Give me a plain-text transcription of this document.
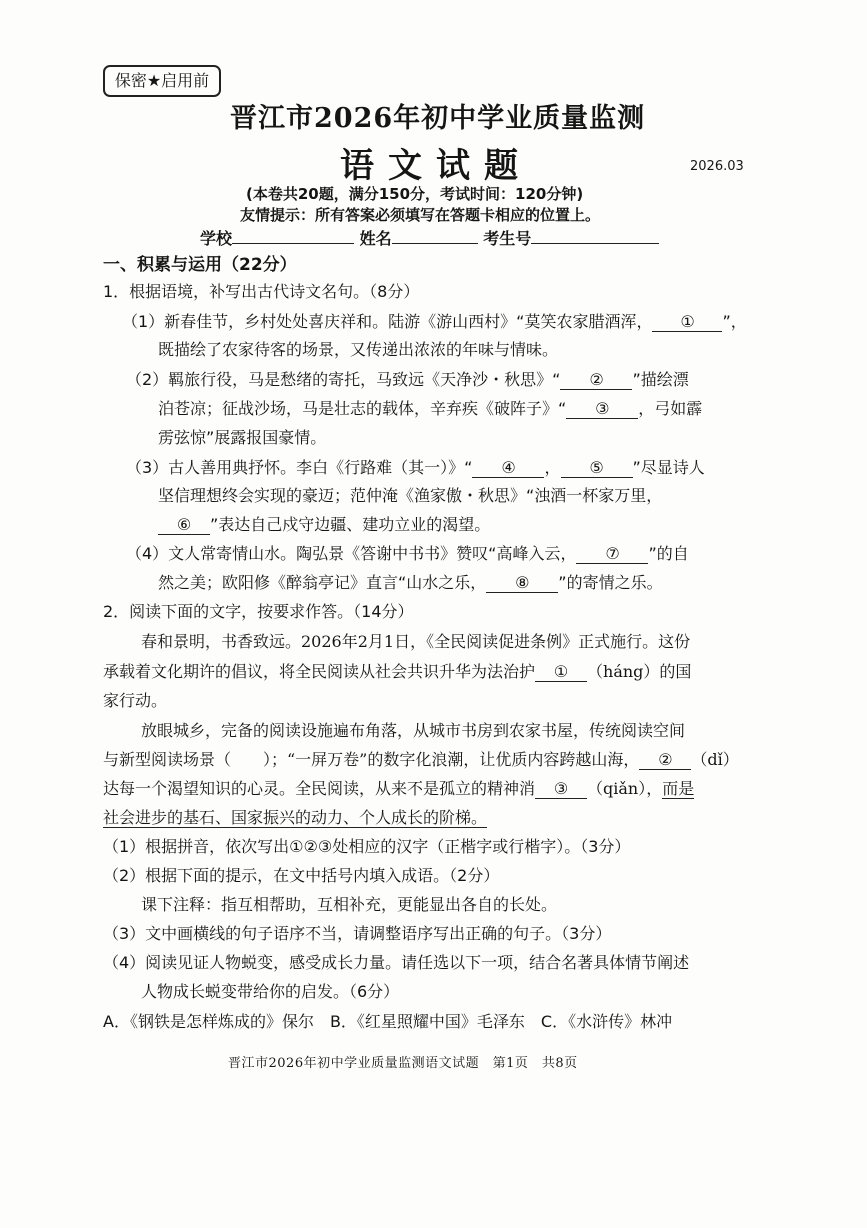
保密★启用前
晋江市2026年初中学业质量监测
语文试题	2026.03
(本卷共20题，满分150分，考试时间：120分钟)
友情提示：所有答案必须填写在答题卡相应的位置上。
学校	姓名	考生号
一、积累与运用（22分）
1．根据语境，补写出古代诗文名句。（8分）
（1）新春佳节，乡村处处喜庆祥和。陆游《游山西村》“莫笑农家腊酒浑， ① ”，
既描绘了农家待客的场景，又传递出浓浓的年味与情味。
（2）羁旅行役，马是愁绪的寄托，马致远《天净沙・秋思》“ ② ”描绘漂
泊苍凉；征战沙场，马是壮志的载体，辛弃疾《破阵子》“ ③ ，弓如霹
雳弦惊”展露报国豪情。
（3）古人善用典抒怀。李白《行路难（其一）》“ ④ ， ⑤ ”尽显诗人
坚信理想终会实现的豪迈；范仲淹《渔家傲・秋思》“浊酒一杯家万里，
⑥ ”表达自己戍守边疆、建功立业的渴望。
（4）文人常寄情山水。陶弘景《答谢中书书》赞叹“高峰入云， ⑦ ”的自
然之美；欧阳修《醉翁亭记》直言“山水之乐， ⑧ ”的寄情之乐。
2．阅读下面的文字，按要求作答。（14分）
春和景明，书香致远。2026年2月1日，《全民阅读促进条例》正式施行。这份
承载着文化期许的倡议，将全民阅读从社会共识升华为法治护 ① （háng）的国
家行动。
放眼城乡，完备的阅读设施遍布角落，从城市书房到农家书屋，传统阅读空间
与新型阅读场景（　　）；“一屏万卷”的数字化浪潮，让优质内容跨越山海， ② （dǐ）
达每一个渴望知识的心灵。全民阅读，从来不是孤立的精神消 ③ （qiǎn），而是
社会进步的基石、国家振兴的动力、个人成长的阶梯。
（1）根据拼音，依次写出①②③处相应的汉字（正楷字或行楷字）。（3分）
（2）根据下面的提示，在文中括号内填入成语。（2分）
课下注释：指互相帮助，互相补充，更能显出各自的长处。
（3）文中画横线的句子语序不当，请调整语序写出正确的句子。（3分）
（4）阅读见证人物蜕变，感受成长力量。请任选以下一项，结合名著具体情节阐述
人物成长蜕变带给你的启发。（6分）
A．《钢铁是怎样炼成的》保尔　B．《红星照耀中国》毛泽东　C．《水浒传》林冲
晋江市2026年初中学业质量监测语文试题　第1页　共8页
